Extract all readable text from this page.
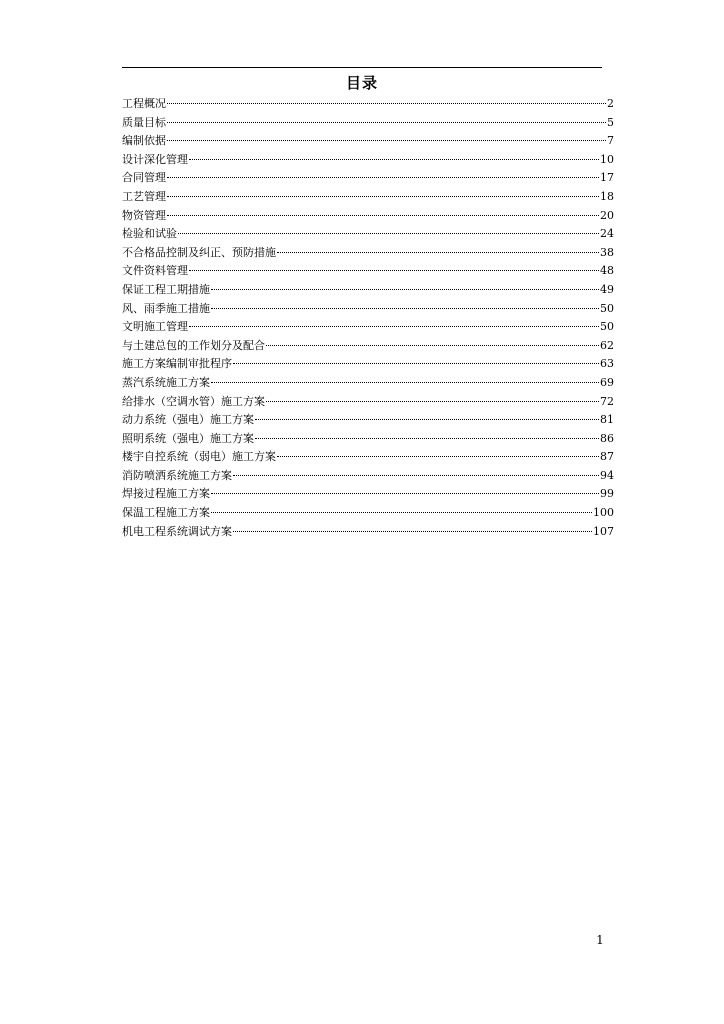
目录
工程概况	2
质量目标	5
编制依据	7
设计深化管理	10
合同管理	17
工艺管理	18
物资管理	20
检验和试验	24
不合格品控制及纠正、预防措施	38
文件资料管理	48
保证工程工期措施	49
风、雨季施工措施	50
文明施工管理	50
与土建总包的工作划分及配合	62
施工方案编制审批程序	63
蒸汽系统施工方案	69
给排水（空调水管）施工方案	72
动力系统（强电）施工方案	81
照明系统（强电）施工方案	86
楼宇自控系统（弱电）施工方案	87
消防喷洒系统施工方案	94
焊接过程施工方案	99
保温工程施工方案	100
机电工程系统调试方案	107
1
